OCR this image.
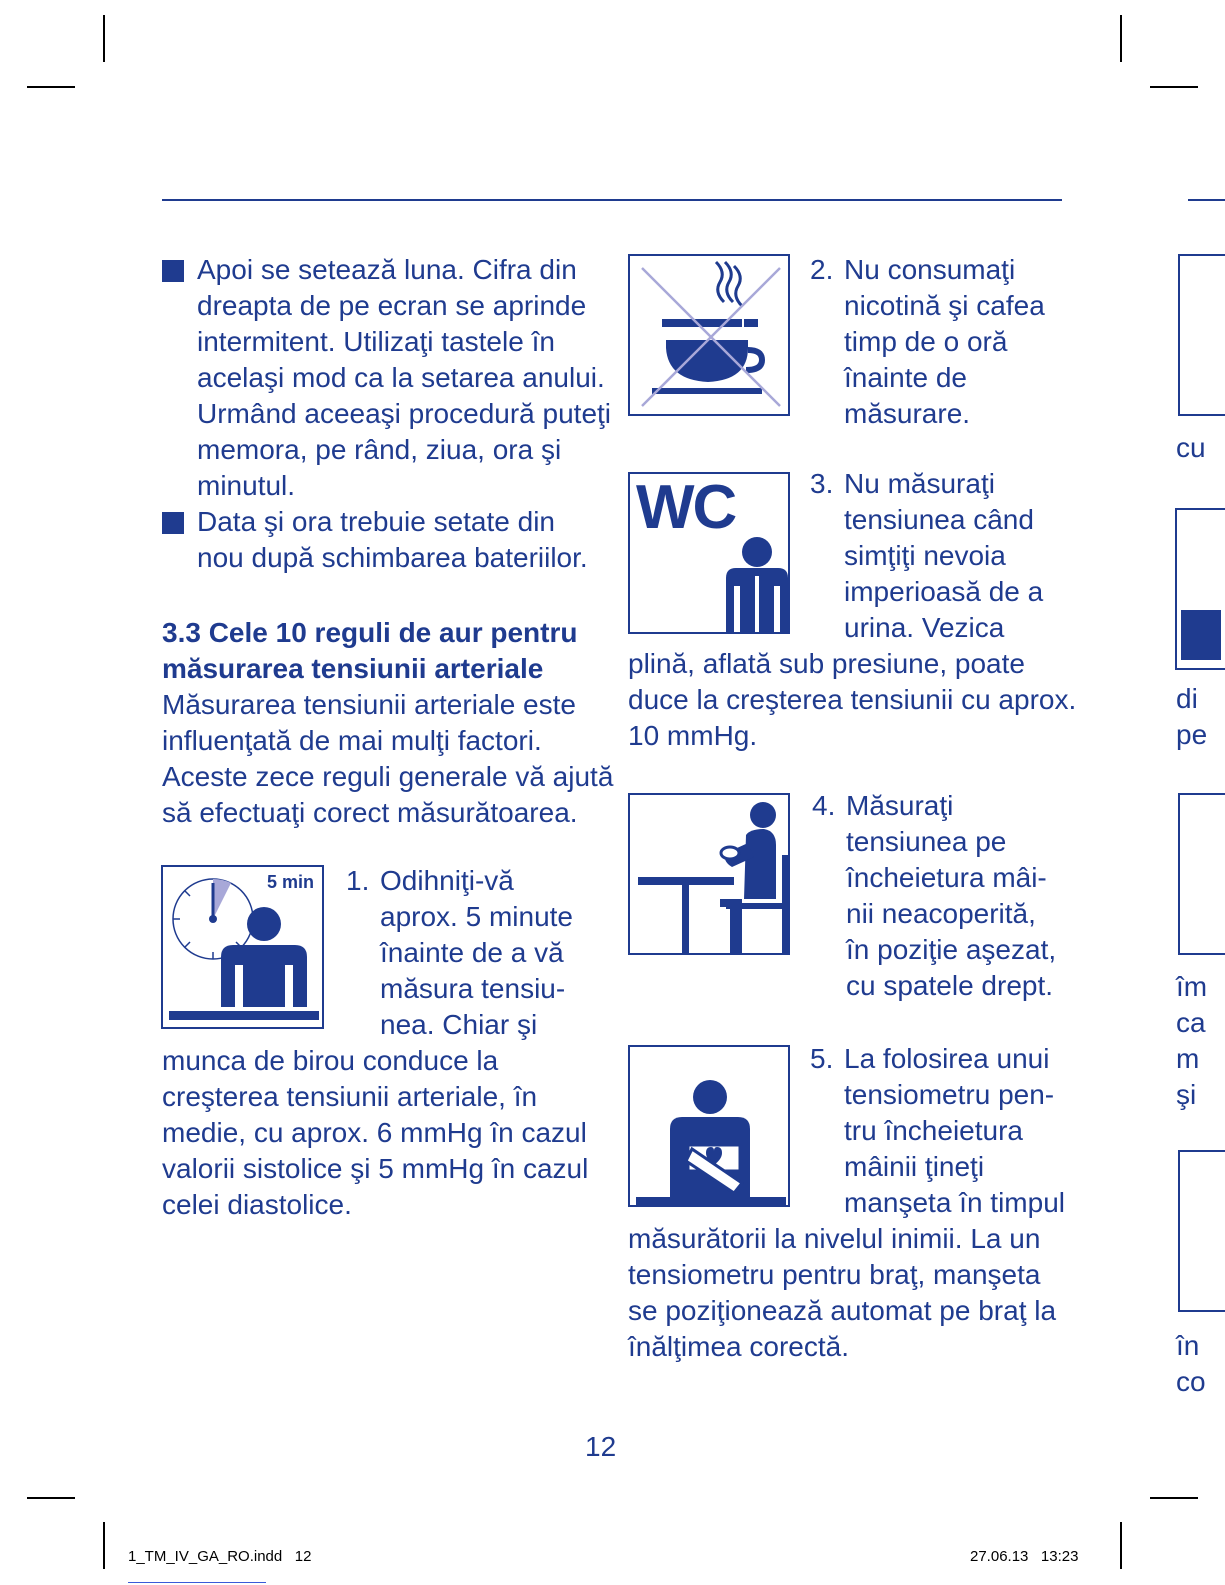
Apoi se setează luna. Cifra din
dreapta de pe ecran se aprinde
intermitent. Utilizaţi tastele în
acelaşi mod ca la setarea anului.
Urmând aceeaşi procedură puteţi
memora, pe rând, ziua, ora şi
minutul.
Data şi ora trebuie setate din
nou după schimbarea bateriilor.
3.3 Cele 10 reguli de aur pentru
măsurarea tensiunii arteriale
Măsurarea tensiunii arteriale este
influenţată de mai mulţi factori.
Aceste zece reguli generale vă ajută
să efectuaţi corect măsurătoarea.
5 min 1. Odihniţi-vă
aprox. 5 minute
înainte de a vă
măsura tensiu-
nea. Chiar şi
munca de birou conduce la
creşterea tensiunii arteriale, în
medie, cu aprox. 6 mmHg în cazul
valorii sistolice şi 5 mmHg în cazul
celei diastolice.
2. Nu consumaţi
nicotină şi cafea
timp de o oră
înainte de
măsurare.
WC	3. Nu măsuraţi
tensiunea când
simţiţi nevoia
imperioasă de a
urina. Vezica
plină, aflată sub presiune, poate
duce la creşterea tensiunii cu aprox.
10 mmHg.
4. Măsuraţi
tensiunea pe
încheietura mâi-
nii neacoperită,
în poziţie aşezat,
cu spatele drept.
5. La folosirea unui
tensiometru pen-
tru încheietura
mâinii ţineţi
manşeta în timpul
măsurătorii la nivelul inimii. La un
tensiometru pentru braţ, manşeta
se poziţionează automat pe braţ la
înălţimea corectă.
cu
di
pe
îm
ca
m
şi
în
co
12
1_TM_IV_GA_RO.indd   12	27.06.13   13:23
